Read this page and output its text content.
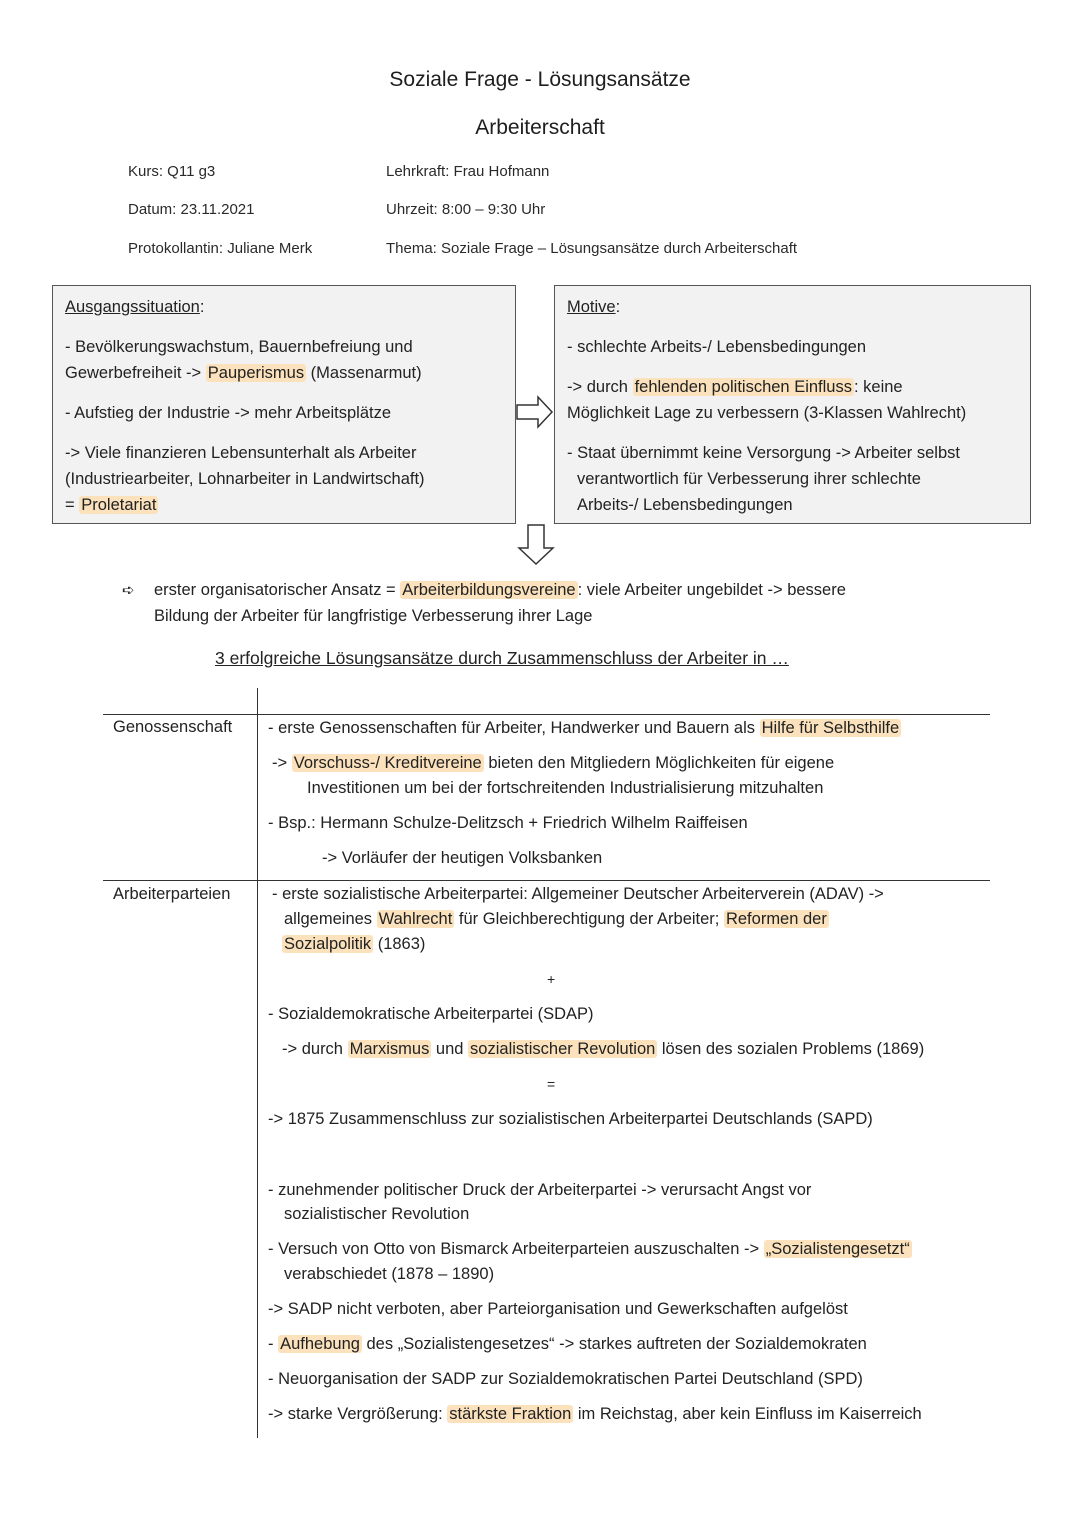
Soziale Frage - Lösungsansätze
Arbeiterschaft
Kurs: Q11 g3	Lehrkraft: Frau Hofmann
Datum: 23.11.2021	Uhrzeit: 8:00 – 9:30 Uhr
Protokollantin: Juliane Merk	Thema: Soziale Frage – Lösungsansätze durch Arbeiterschaft

Ausgangssituation:

- Bevölkerungswachstum, Bauernbefreiung und
Gewerbefreiheit -> Pauperismus (Massenarmut)

- Aufstieg der Industrie -> mehr Arbeitsplätze

-> Viele finanzieren Lebensunterhalt als Arbeiter
(Industriearbeiter, Lohnarbeiter in Landwirtschaft)
= Proletariat

Motive:

- schlechte Arbeits-/ Lebensbedingungen

-> durch fehlenden politischen Einfluss : keine
Möglichkeit Lage zu verbessern (3-Klassen Wahlrecht)

- Staat übernimmt keine Versorgung -> Arbeiter selbst
verantwortlich für Verbesserung ihrer schlechte
Arbeits-/ Lebensbedingungen

➪ erster organisatorischer Ansatz = Arbeiterbildungsvereine : viele Arbeiter ungebildet -> bessere
Bildung der Arbeiter für langfristige Verbesserung ihrer Lage
3 erfolgreiche Lösungsansätze durch Zusammenschluss der Arbeiter in …
Genossenschaft - erste Genossenschaften für Arbeiter, Handwerker und Bauern als Hilfe für Selbsthilfe
-> Vorschuss-/ Kreditvereine bieten den Mitgliedern Möglichkeiten für eigene
Investitionen um bei der fortschreitenden Industrialisierung mitzuhalten
- Bsp.: Hermann Schulze-Delitzsch + Friedrich Wilhelm Raiffeisen
-> Vorläufer der heutigen Volksbanken
Arbeiterparteien	- erste sozialistische Arbeiterpartei: Allgemeiner Deutscher Arbeiterverein (ADAV) ->
allgemeines Wahlrecht für Gleichberechtigung der Arbeiter; Reformen der
Sozialpolitik (1863)
+
- Sozialdemokratische Arbeiterpartei (SDAP)
-> durch Marxismus und sozialistischer Revolution lösen des sozialen Problems (1869)
=
-> 1875 Zusammenschluss zur sozialistischen Arbeiterpartei Deutschlands (SAPD)
- zunehmender politischer Druck der Arbeiterpartei -> verursacht Angst vor
sozialistischer Revolution
- Versuch von Otto von Bismarck Arbeiterparteien auszuschalten -> „Sozialistengesetzt“
verabschiedet (1878 – 1890)
-> SADP nicht verboten, aber Parteiorganisation und Gewerkschaften aufgelöst
- Aufhebung des „Sozialistengesetzes“ -> starkes auftreten der Sozialdemokraten
- Neuorganisation der SADP zur Sozialdemokratischen Partei Deutschland (SPD)
-> starke Vergrößerung: stärkste Fraktion im Reichstag, aber kein Einfluss im Kaiserreich
